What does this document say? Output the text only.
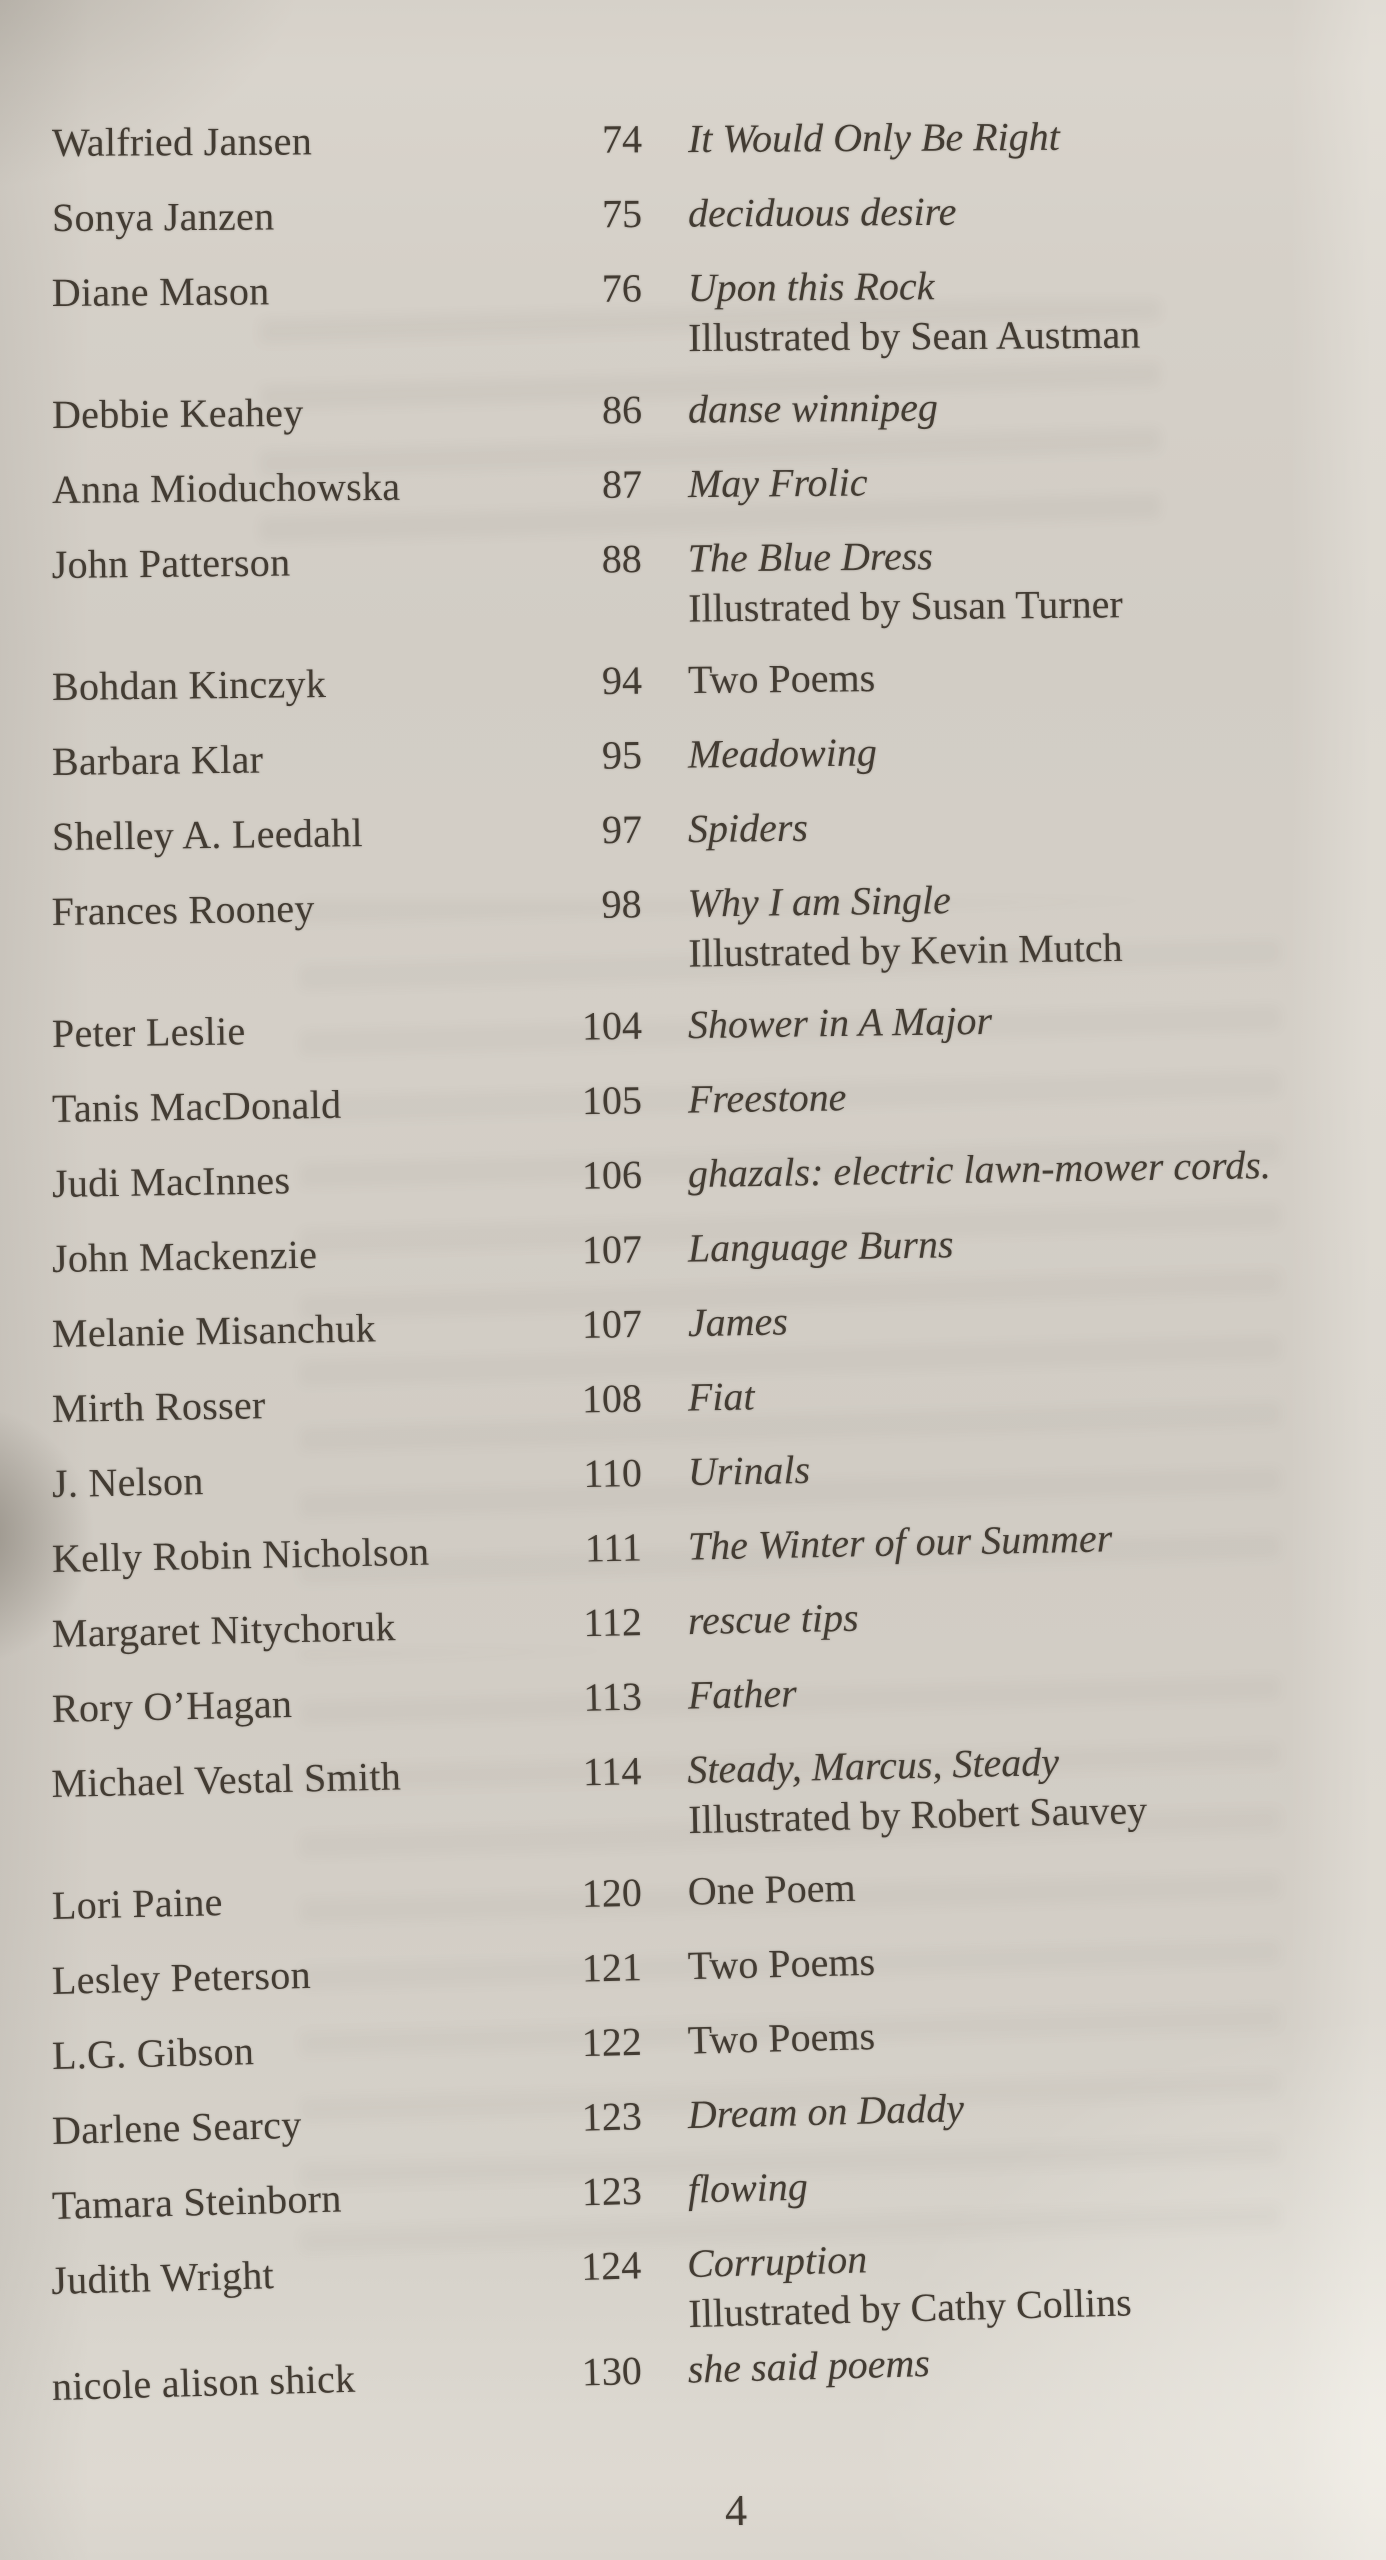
Walfried Jansen	74 It Would Only Be Right
Sonya Janzen	75 deciduous desire
Diane Mason	76 Upon this Rock
Illustrated by Sean Austman
Debbie Keahey	86 danse winnipeg
Anna Mioduchowska	87 May Frolic
John Patterson	88 The Blue Dress
Illustrated by Susan Turner
Bohdan Kinczyk	94 Two Poems
Barbara Klar	95 Meadowing
Shelley A. Leedahl	97 Spiders
Frances Rooney	98 Why I am Single
Illustrated by Kevin Mutch
Peter Leslie	104 Shower in A Major
Tanis MacDonald	105 Freestone
Judi MacInnes	106 ghazals: electric lawn-mower cords.
John Mackenzie	107 Language Burns
Melanie Misanchuk	107 James
Mirth Rosser	108 Fiat
J. Nelson	110 Urinals
Kelly Robin Nicholson	111 The Winter of our Summer
Margaret Nitychoruk	112 rescue tips
Rory O’Hagan	113 Father
Michael Vestal Smith	114 Steady, Marcus, Steady
Illustrated by Robert Sauvey
Lori Paine	120 One Poem
Lesley Peterson	121 Two Poems
L.G. Gibson	122 Two Poems
Darlene Searcy	123 Dream on Daddy
Tamara Steinborn	123 flowing
Judith Wright	124 Corruption
Illustrated by Cathy Collins
nicole alison shick	130 she said poems
4
